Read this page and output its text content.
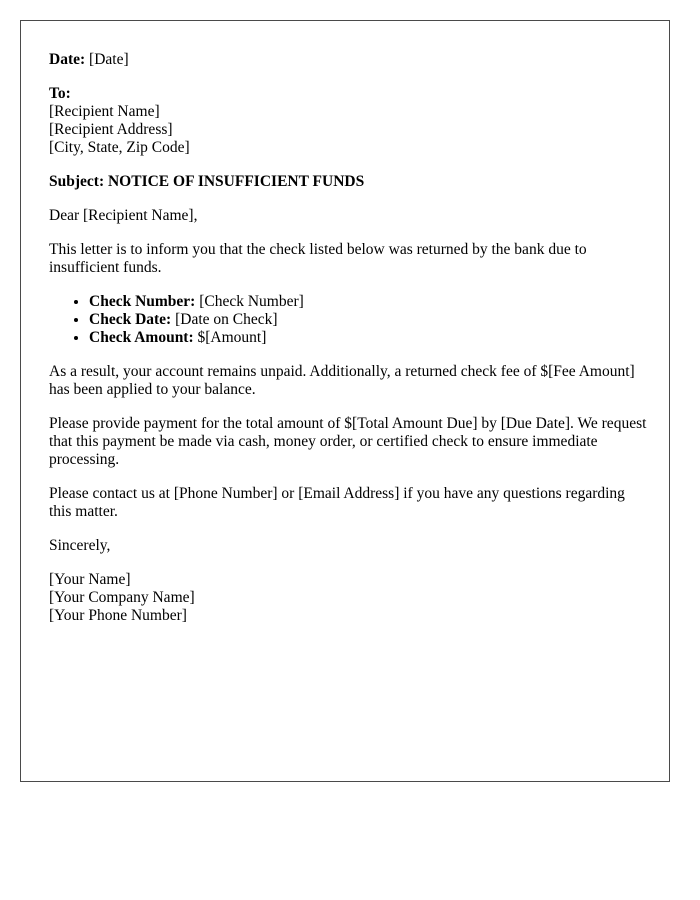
Date: [Date]

To:
[Recipient Name]
[Recipient Address]
[City, State, Zip Code]

Subject: NOTICE OF INSUFFICIENT FUNDS

Dear [Recipient Name],

This letter is to inform you that the check listed below was returned by the bank due to insufficient funds.

• Check Number: [Check Number]
• Check Date: [Date on Check]
• Check Amount: $[Amount]

As a result, your account remains unpaid. Additionally, a returned check fee of $[Fee Amount] has been applied to your balance.

Please provide payment for the total amount of $[Total Amount Due] by [Due Date]. We request that this payment be made via cash, money order, or certified check to ensure immediate processing.

Please contact us at [Phone Number] or [Email Address] if you have any questions regarding this matter.

Sincerely,

[Your Name]
[Your Company Name]
[Your Phone Number]
